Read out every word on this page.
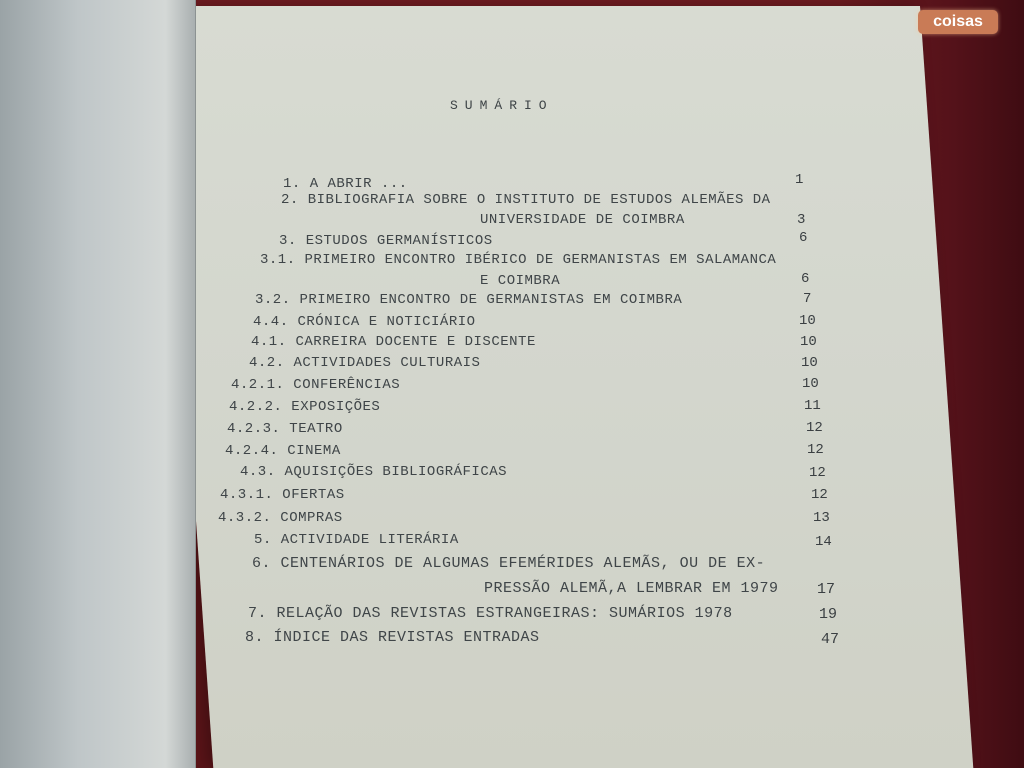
coisas
SUMÁRIO
1. A ABRIR ...	1
2. BIBLIOGRAFIA SOBRE O INSTITUTO DE ESTUDOS ALEMÃES DA
UNIVERSIDADE DE COIMBRA	3
3. ESTUDOS GERMANÍSTICOS	6
3.1. PRIMEIRO ENCONTRO IBÉRICO DE GERMANISTAS EM SALAMANCA
E COIMBRA	6
3.2. PRIMEIRO ENCONTRO DE GERMANISTAS EM COIMBRA	7
4.4. CRÓNICA E NOTICIÁRIO	10
4.1. CARREIRA DOCENTE E DISCENTE	10
4.2. ACTIVIDADES CULTURAIS	10
4.2.1. CONFERÊNCIAS	10
4.2.2. EXPOSIÇÕES	11
4.2.3. TEATRO	12
4.2.4. CINEMA	12
4.3. AQUISIÇÕES BIBLIOGRÁFICAS	12
4.3.1. OFERTAS	12
4.3.2. COMPRAS	13
5. ACTIVIDADE LITERÁRIA	14
6. CENTENÁRIOS DE ALGUMAS EFEMÉRIDES ALEMÃS, OU DE EX-
PRESSÃO ALEMÃ,A LEMBRAR EM 1979	17
7. RELAÇÃO DAS REVISTAS ESTRANGEIRAS: SUMÁRIOS 1978	19
8. ÍNDICE DAS REVISTAS ENTRADAS	47
